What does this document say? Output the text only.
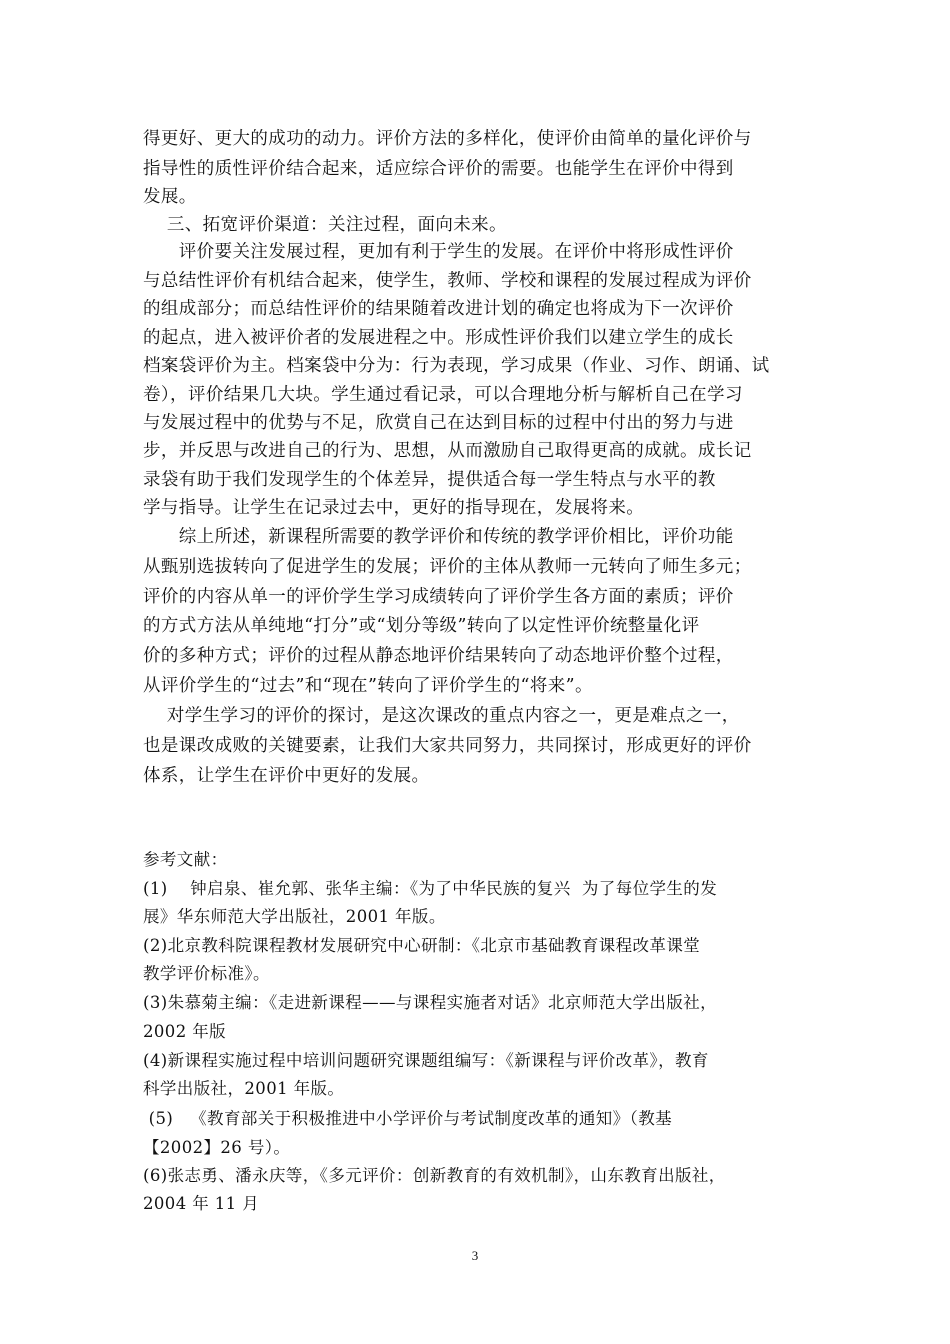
得更好、更大的成功的动力。评价方法的多样化，使评价由简单的量化评价与
指导性的质性评价结合起来，适应综合评价的需要。也能学生在评价中得到
发展。
三、拓宽评价渠道：关注过程，面向未来。
评价要关注发展过程，更加有利于学生的发展。在评价中将形成性评价
与总结性评价有机结合起来，使学生，教师、学校和课程的发展过程成为评价
的组成部分；而总结性评价的结果随着改进计划的确定也将成为下一次评价
的起点，进入被评价者的发展进程之中。形成性评价我们以建立学生的成长
档案袋评价为主。档案袋中分为：行为表现，学习成果（作业、习作、朗诵、试
卷），评价结果几大块。学生通过看记录，可以合理地分析与解析自己在学习
与发展过程中的优势与不足，欣赏自己在达到目标的过程中付出的努力与进
步，并反思与改进自己的行为、思想，从而激励自己取得更高的成就。成长记
录袋有助于我们发现学生的个体差异，提供适合每一学生特点与水平的教
学与指导。让学生在记录过去中，更好的指导现在，发展将来。
综上所述，新课程所需要的教学评价和传统的教学评价相比，评价功能
从甄别选拔转向了促进学生的发展；评价的主体从教师一元转向了师生多元；
评价的内容从单一的评价学生学习成绩转向了评价学生各方面的素质；评价
的方式方法从单纯地“打分”或“划分等级”转向了以定性评价统整量化评
价的多种方式；评价的过程从静态地评价结果转向了动态地评价整个过程，
从评价学生的“过去”和“现在”转向了评价学生的“将来”。
对学生学习的评价的探讨，是这次课改的重点内容之一，更是难点之一，
也是课改成败的关键要素，让我们大家共同努力，共同探讨，形成更好的评价
体系，让学生在评价中更好的发展。
参考文献：
(1)    钟启泉、崔允郭、张华主编：《为了中华民族的复兴  为了每位学生的发
展》华东师范大学出版社，2001 年版。
(2)北京教科院课程教材发展研究中心研制：《北京市基础教育课程改革课堂
教学评价标准》。
(3)朱慕菊主编：《走进新课程——与课程实施者对话》北京师范大学出版社，
2002 年版
(4)新课程实施过程中培训问题研究课题组编写：《新课程与评价改革》，教育
科学出版社，2001 年版。
(5)   《教育部关于积极推进中小学评价与考试制度改革的通知》（教基
【2002】26 号）。
(6)张志勇、潘永庆等，《多元评价：创新教育的有效机制》，山东教育出版社，
2004 年 11 月
3
